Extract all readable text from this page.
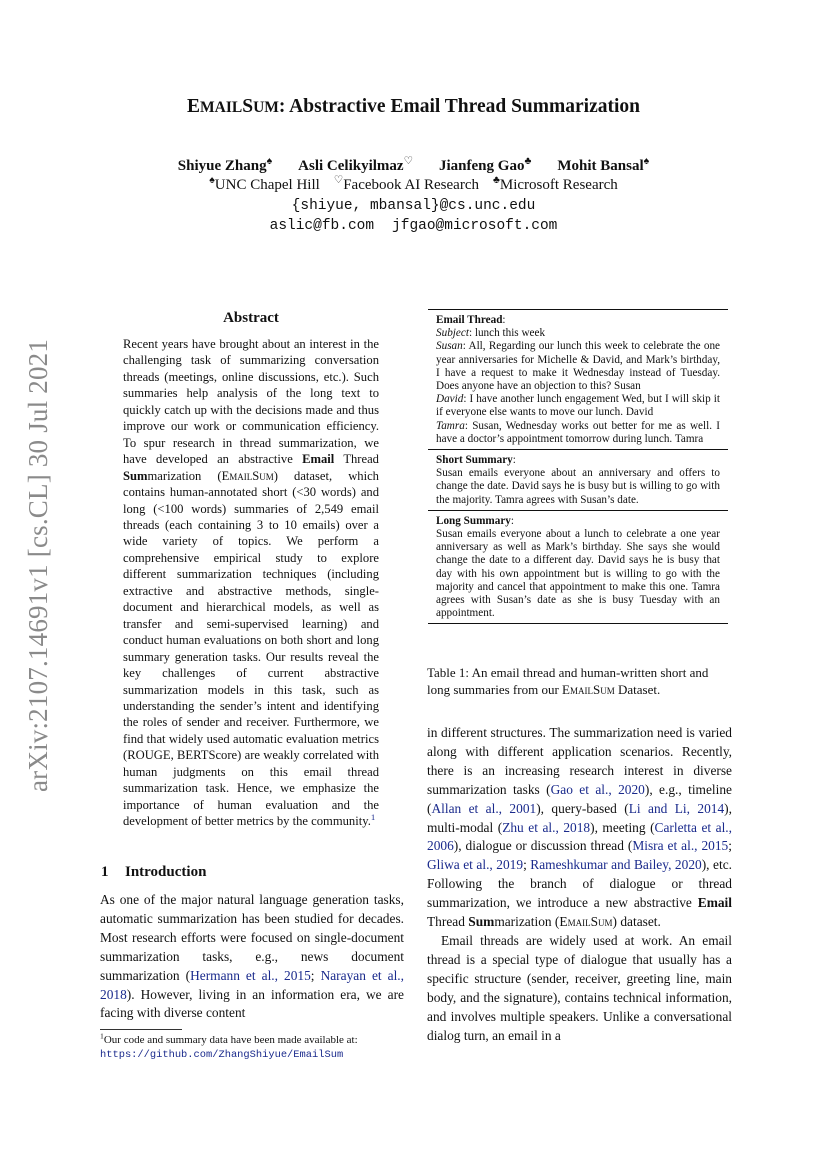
arXiv:2107.14691v1 [cs.CL] 30 Jul 2021
EMAILSUM: Abstractive Email Thread Summarization
Shiyue Zhang♠ Asli Celikyilmaz♡ Jianfeng Gao♣ Mohit Bansal♠
♠UNC Chapel Hill ♡Facebook AI Research ♣Microsoft Research
{shiyue, mbansal}@cs.unc.edu
aslic@fb.com jfgao@microsoft.com
Abstract
Recent years have brought about an interest in the challenging task of summarizing conversation threads (meetings, online discussions, etc.). Such summaries help analysis of the long text to quickly catch up with the decisions made and thus improve our work or communication efficiency. To spur research in thread summarization, we have developed an abstractive Email Thread Summarization (EmailSum) dataset, which contains human-annotated short (<30 words) and long (<100 words) summaries of 2,549 email threads (each containing 3 to 10 emails) over a wide variety of topics. We perform a comprehensive empirical study to explore different summarization techniques (including extractive and abstractive methods, single-document and hierarchical models, as well as transfer and semi-supervised learning) and conduct human evaluations on both short and long summary generation tasks. Our results reveal the key challenges of current abstractive summarization models in this task, such as understanding the sender’s intent and identifying the roles of sender and receiver. Furthermore, we find that widely used automatic evaluation metrics (ROUGE, BERTScore) are weakly correlated with human judgments on this email thread summarization task. Hence, we emphasize the importance of human evaluation and the development of better metrics by the community.$^1$
1 Introduction
As one of the major natural language generation tasks, automatic summarization has been studied for decades. Most research efforts were focused on single-document summarization tasks, e.g., news document summarization (Hermann et al., 2015; Narayan et al., 2018). However, living in an information era, we are facing with diverse content
$^1$Our code and summary data have been made available at:
https://github.com/ZhangShiyue/EmailSum
Email Thread:
Subject: lunch this week
Susan: All, Regarding our lunch this week to celebrate the one year anniversaries for Michelle & David, and Mark’s birthday, I have a request to make it Wednesday instead of Tuesday. Does anyone have an objection to this? Susan
David: I have another lunch engagement Wed, but I will skip it if everyone else wants to move our lunch. David
Tamra: Susan, Wednesday works out better for me as well. I have a doctor’s appointment tomorrow during lunch. Tamra
Short Summary:
Susan emails everyone about an anniversary and offers to change the date. David says he is busy but is willing to go with the majority. Tamra agrees with Susan’s date.
Long Summary:
Susan emails everyone about a lunch to celebrate a one year anniversary as well as Mark’s birthday. She says she would change the date to a different day. David says he is busy that day with his own appointment but is willing to go with the majority and cancel that appointment to make this one. Tamra agrees with Susan’s date as she is busy Tuesday with an appointment.
Table 1: An email thread and human-written short and long summaries from our EmailSum Dataset.

in different structures. The summarization need is varied along with different application scenarios. Recently, there is an increasing research interest in diverse summarization tasks (Gao et al., 2020), e.g., timeline (Allan et al., 2001), query-based (Li and Li, 2014), multi-modal (Zhu et al., 2018), meeting (Carletta et al., 2006), dialogue or discussion thread (Misra et al., 2015; Gliwa et al., 2019; Rameshkumar and Bailey, 2020), etc. Following the branch of dialogue or thread summarization, we introduce a new abstractive Email Thread Summarization (EmailSum) dataset.

Email threads are widely used at work. An email thread is a special type of dialogue that usually has a specific structure (sender, receiver, greeting line, main body, and the signature), contains technical information, and involves multiple speakers. Unlike a conversational dialog turn, an email in a
